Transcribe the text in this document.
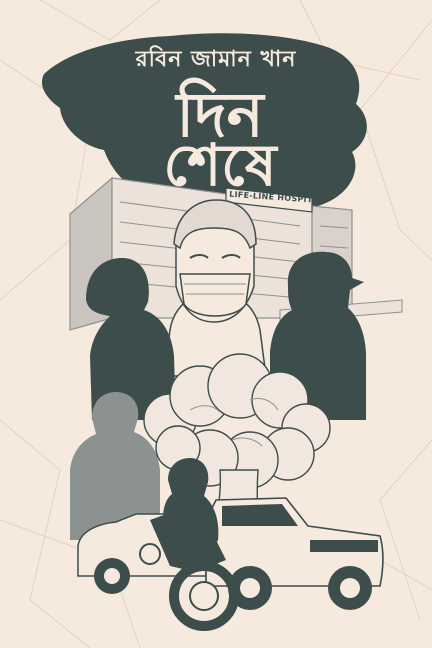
রবিন জামান খান
দিন
শেষে
LIFE-LINE HOSPITAL
